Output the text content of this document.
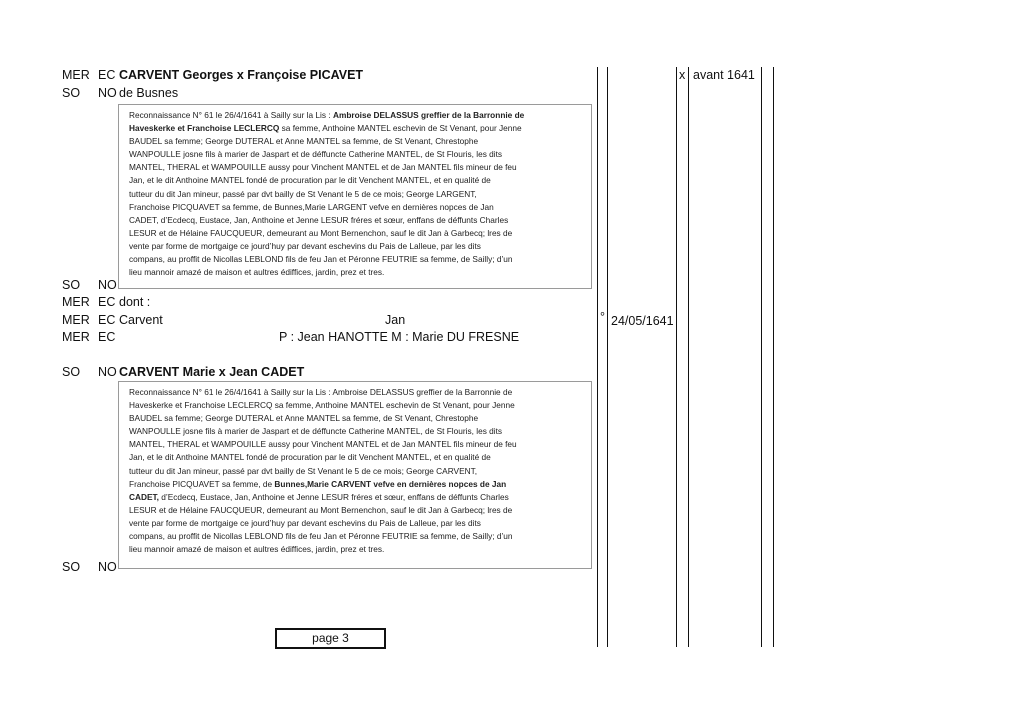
MER EC CARVENT Georges x Françoise PICAVET
SO NO de Busnes
x avant 1641
° 24/05/1641

Reconnaissance N° 61 le 26/4/1641 à Sailly sur la Lis : Ambroise DELASSUS greffier de la Barronnie de

Haveskerke et Franchoise LECLERCQ sa femme, Anthoine MANTEL eschevin de St Venant, pour Jenne

BAUDEL sa femme; George DUTERAL et Anne MANTEL sa femme, de St Venant, Chrestophe

WANPOULLE josne fils à marier de Jaspart et de déffuncte Catherine MANTEL, de St Flouris, les dits

MANTEL, THERAL et WAMPOUILLE aussy pour Vinchent MANTEL et de Jan MANTEL fils mineur de feu

Jan, et le dit Anthoine MANTEL fondé de procuration par le dit Venchent MANTEL, et en qualité de

tutteur du dit Jan mineur, passé par dvt bailly de St Venant le 5 de ce mois; George LARGENT,

Franchoise PICQUAVET sa femme, de Bunnes,Marie LARGENT vefve en dernières nopces de Jan

CADET, d’Ecdecq, Eustace, Jan, Anthoine et Jenne LESUR fréres et sœur, enffans de déffunts Charles

LESUR et de Hélaine FAUCQUEUR, demeurant au Mont Bernenchon, sauf le dit Jan à Garbecq; lres de

vente par forme de mortgaige ce jourd’huy par devant eschevins du Pais de Lalleue, par les dits

compans, au proffit de Nicollas LEBLOND fils de feu Jan et Péronne FEUTRIE sa femme, de Sailly; d’un

lieu mannoir amazé de maison et aultres édiffices, jardin, prez et tres.

SO NO
MER EC dont :
MER EC Carvent	Jan
MER EC	P : Jean HANOTTE M : Marie DU FRESNE
SO NO CARVENT Marie x Jean CADET

Reconnaissance N° 61 le 26/4/1641 à Sailly sur la Lis : Ambroise DELASSUS greffier de la Barronnie de

Haveskerke et Franchoise LECLERCQ sa femme, Anthoine MANTEL eschevin de St Venant, pour Jenne

BAUDEL sa femme; George DUTERAL et Anne MANTEL sa femme, de St Venant, Chrestophe

WANPOULLE josne fils à marier de Jaspart et de déffuncte Catherine MANTEL, de St Flouris, les dits

MANTEL, THERAL et WAMPOUILLE aussy pour Vinchent MANTEL et de Jan MANTEL fils mineur de feu

Jan, et le dit Anthoine MANTEL fondé de procuration par le dit Venchent MANTEL, et en qualité de

tutteur du dit Jan mineur, passé par dvt bailly de St Venant le 5 de ce mois; George CARVENT,

Franchoise PICQUAVET sa femme, de Bunnes,Marie CARVENT vefve en dernières nopces de Jan

CADET, d’Ecdecq, Eustace, Jan, Anthoine et Jenne LESUR fréres et sœur, enffans de déffunts Charles

LESUR et de Hélaine FAUCQUEUR, demeurant au Mont Bernenchon, sauf le dit Jan à Garbecq; lres de

vente par forme de mortgaige ce jourd’huy par devant eschevins du Pais de Lalleue, par les dits

compans, au proffit de Nicollas LEBLOND fils de feu Jan et Péronne FEUTRIE sa femme, de Sailly; d’un

lieu mannoir amazé de maison et aultres édiffices, jardin, prez et tres.

SO NO
page 3
